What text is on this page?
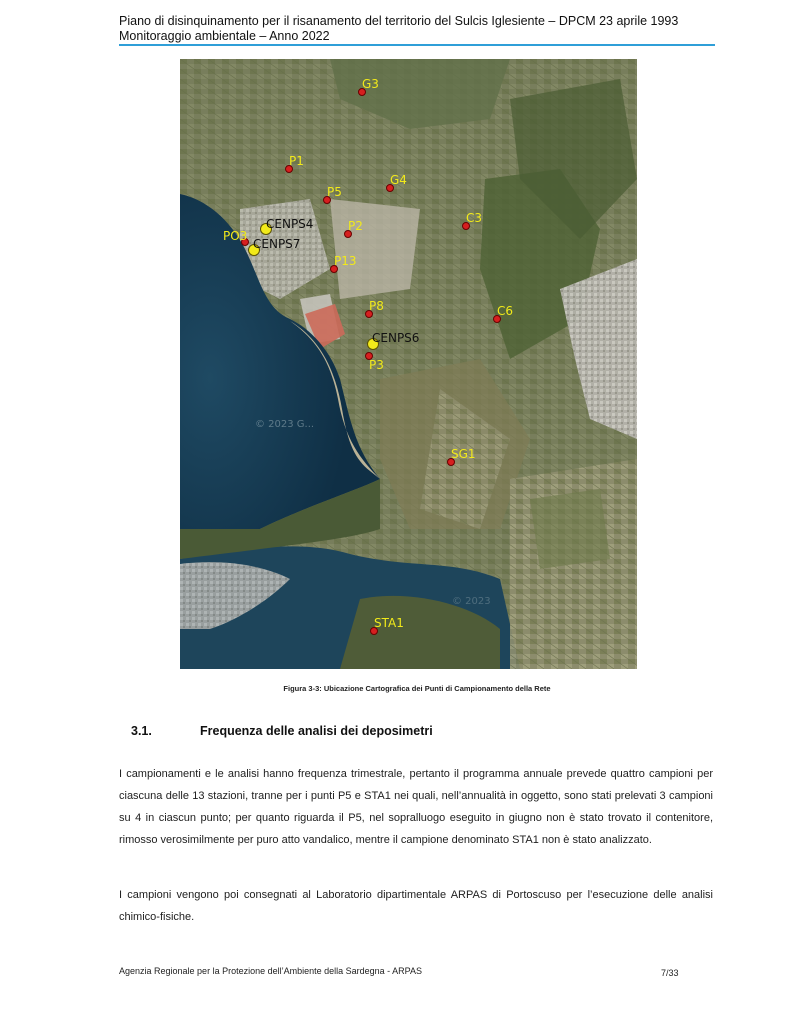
Piano di disinquinamento per il risanamento del territorio del Sulcis Iglesiente – DPCM 23 aprile 1993
Monitoraggio ambientale – Anno 2022
© 2023 G...
© 2023
G3
P1
G4
P5
C3
CENPS4	P2
PO3
CENPS7
P13
P8	C6
CENPS6
P3
SG1
STA1
Figura 3-3: Ubicazione Cartografica dei Punti di Campionamento della Rete
3.1.	Frequenza delle analisi dei deposimetri
I campionamenti e le analisi hanno frequenza trimestrale, pertanto il programma annuale prevede quattro campioni per ciascuna delle 13 stazioni, tranne per i punti P5 e STA1 nei quali, nell’annualità in oggetto, sono stati prelevati 3 campioni su 4 in ciascun punto; per quanto riguarda il P5, nel sopralluogo eseguito in giugno non è stato trovato il contenitore, rimosso verosimilmente per puro atto vandalico, mentre il campione denominato STA1 non è stato analizzato.
I campioni vengono poi consegnati al Laboratorio dipartimentale ARPAS di Portoscuso per l’esecuzione delle analisi chimico-fisiche.
Agenzia Regionale per la Protezione dell’Ambiente della Sardegna - ARPAS	7/33
